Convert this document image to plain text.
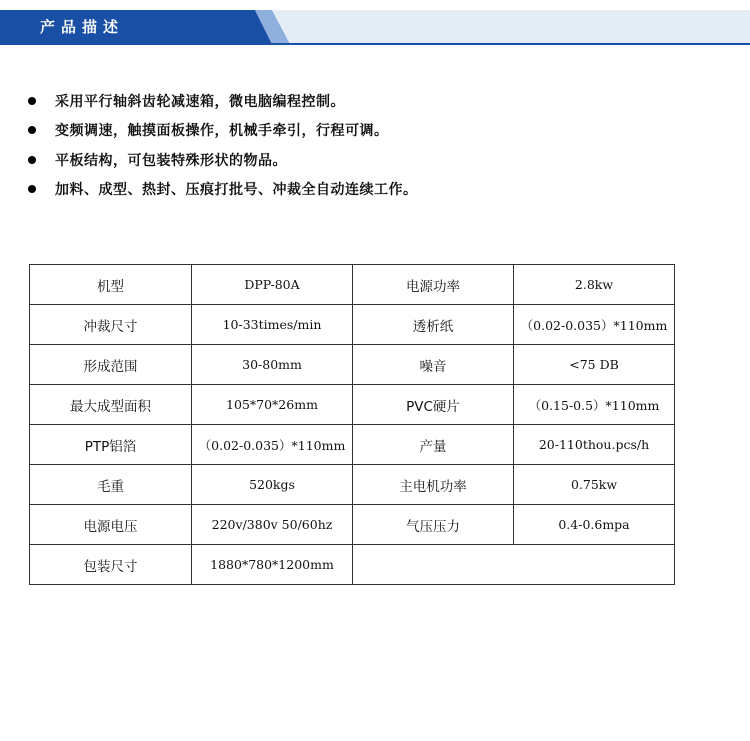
产品描述
采用平行轴斜齿轮减速箱，微电脑编程控制。
变频调速，触摸面板操作，机械手牵引，行程可调。
平板结构，可包装特殊形状的物品。
加料、成型、热封、压痕打批号、冲裁全自动连续工作。
机型	DPP-80A	电源功率	2.8kw
冲裁尺寸	10-33times/min	透析纸	（0.02-0.035）*110mm
形成范围	30-80mm	噪音	<75 DB
最大成型面积	105*70*26mm	PVC硬片	（0.15-0.5）*110mm
PTP铝箔	（0.02-0.035）*110mm	产量	20-110thou.pcs/h
毛重	520kgs	主电机功率	0.75kw
电源电压	220v/380v 50/60hz	气压压力	0.4-0.6mpa
包装尺寸	1880*780*1200mm		
